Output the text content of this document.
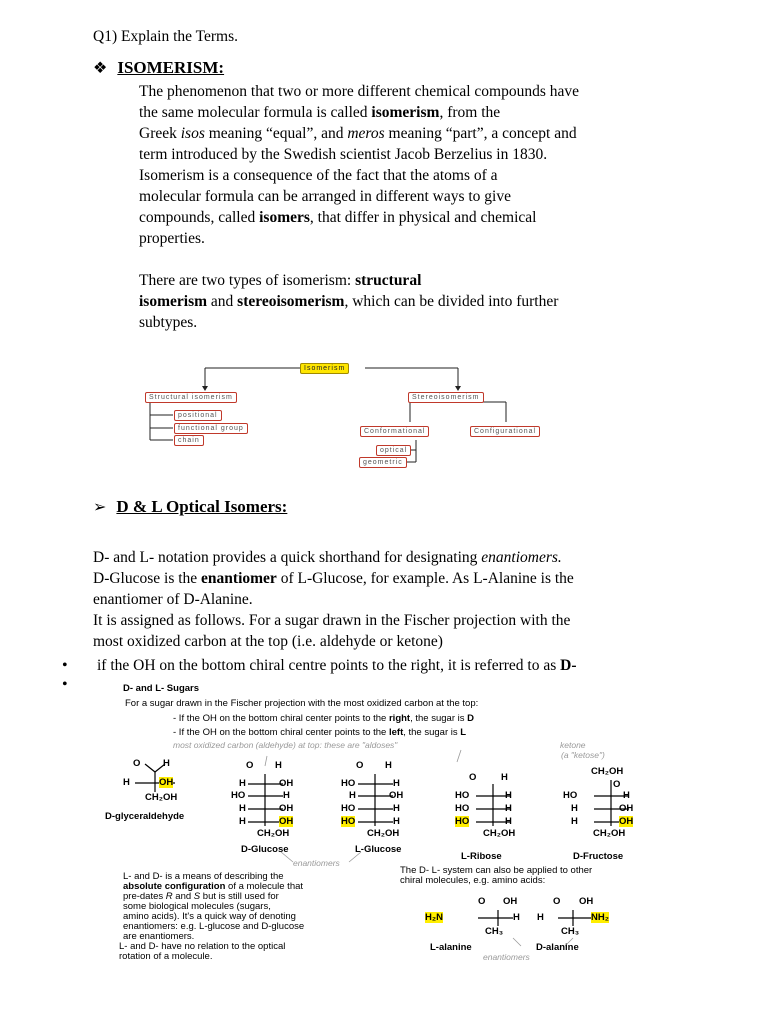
Q1) Explain the Terms.
❖ ISOMERISM:
The phenomenon that two or more different chemical compounds have
the same molecular formula is called isomerism, from the
Greek isos meaning “equal”, and meros meaning “part”, a concept and
term introduced by the Swedish scientist Jacob Berzelius in 1830.
Isomerism is a consequence of the fact that the atoms of a
molecular formula can be arranged in different ways to give
compounds, called isomers, that differ in physical and chemical
properties.
There are two types of isomerism: structural
isomerism and stereoisomerism, which can be divided into further
subtypes.
Isomerism
Structural isomerism
positional
functional group
chain
Stereoisomerism
Conformational	Configurational
optical
geometric
➢ D & L Optical Isomers:
D- and L- notation provides a quick shorthand for designating enantiomers.
D-Glucose is the enantiomer of L-Glucose, for example. As L-Alanine is the
enantiomer of D-Alanine.
It is assigned as follows. For a sugar drawn in the Fischer projection with the
most oxidized carbon at the top (i.e. aldehyde or ketone)
• if the OH on the bottom chiral centre points to the right, it is referred to as D-
•	D- and L- Sugars
For a sugar drawn in the Fischer projection with the most oxidized carbon at the top:
- If the OH on the bottom chiral center points to the right, the sugar is D
- If the OH on the bottom chiral center points to the left, the sugar is L
most oxidized carbon (aldehyde) at top: these are "aldoses"	ketone
(a "ketose")
O H
H	OH
CH₂OH
D-glyceraldehyde
O H
H	OH
HO	H
H	OH
H	OH
CH₂OH
D-Glucose
enantiomers
O H
HO	H
H	OH
HO	H
HO	H
CH₂OH
L-Glucose
O	H
HO	H
HO	H
HO	H
CH₂OH
L-Ribose
CH₂OH
O
HO	H
H	OH
H	OH
CH₂OH
D-Fructose
L- and D- is a means of describing the
absolute configuration of a molecule that
pre-dates R and S but is still used for
some biological molecules (sugars,
amino acids). It's a quick way of denoting
enantiomers: e.g. L-glucose and D-glucose
are enantiomers.
L- and D- have no relation to the optical
rotation of a molecule.
The D- L- system can also be applied to other
chiral molecules, e.g. amino acids:
O OH
H₂N	H
CH₃
L-alanine
O OH
H	NH₂
CH₃
D-alanine
enantiomers
